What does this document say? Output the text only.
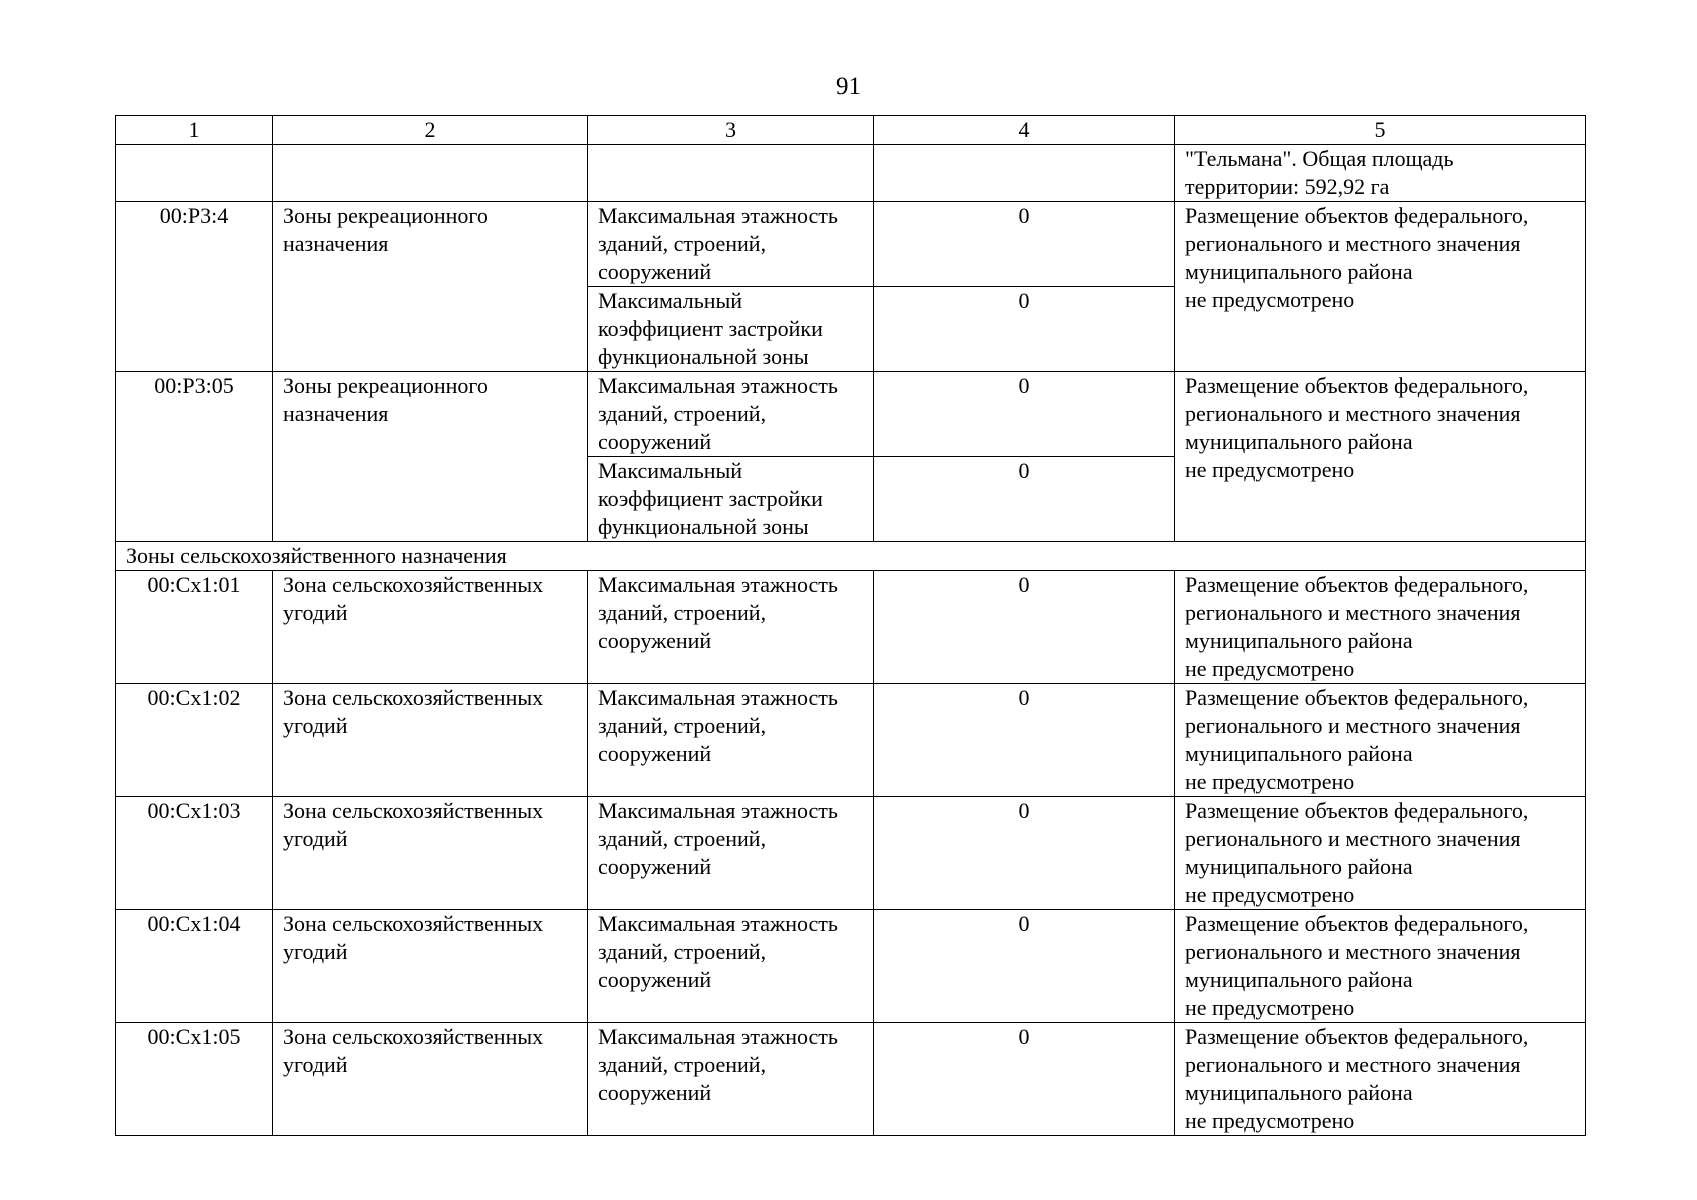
91
1	2	3	4	5

				"Тельмана". Общая площадь
территории: 592,92 га

00:Р3:4	Зоны рекреационного
назначения	Максимальная этажность
зданий, строений,
сооружений	0	Размещение объектов федерального,
регионального и местного значения
муниципального района
не предусмотрено

		Максимальный
коэффициент застройки
функциональной зоны	0	
00:Р3:05	Зоны рекреационного
назначения	Максимальная этажность
зданий, строений,
сооружений	0	Размещение объектов федерального,
регионального и местного значения
муниципального района
не предусмотрено

		Максимальный
коэффициент застройки
функциональной зоны	0	
Зоны сельскохозяйственного назначения				
00:Сх1:01	Зона сельскохозяйственных
угодий	Максимальная этажность
зданий, строений,
сооружений	0	Размещение объектов федерального,
регионального и местного значения
муниципального района
не предусмотрено

00:Сх1:02	Зона сельскохозяйственных
угодий	Максимальная этажность
зданий, строений,
сооружений	0	Размещение объектов федерального,
регионального и местного значения
муниципального района
не предусмотрено

00:Сх1:03	Зона сельскохозяйственных
угодий	Максимальная этажность
зданий, строений,
сооружений	0	Размещение объектов федерального,
регионального и местного значения
муниципального района
не предусмотрено

00:Сх1:04	Зона сельскохозяйственных
угодий	Максимальная этажность
зданий, строений,
сооружений	0	Размещение объектов федерального,
регионального и местного значения
муниципального района
не предусмотрено

00:Сх1:05	Зона сельскохозяйственных
угодий	Максимальная этажность
зданий, строений,
сооружений	0	Размещение объектов федерального,
регионального и местного значения
муниципального района
не предусмотрено
